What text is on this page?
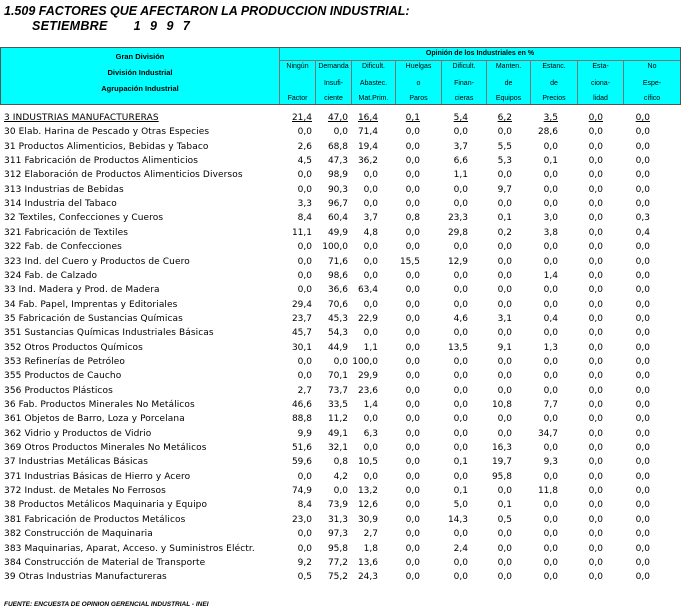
1.509 FACTORES QUE AFECTARON LA PRODUCCION INDUSTRIAL:
SETIEMBRE 1 9 9 7
Gran División
División Industrial
Agrupación Industrial
Opinión de los Industriales en %
Ningún
Factor
Demanda
Insufi-
ciente
Dificult.
Abastec.
Mat.Prim.
Huelgas
o
Paros
Dificult.
Finan-
cieras
Manten.
de
Equipos
Estanc.
de
Precios
Esta-
ciona-
lidad
No
Espe-
cífico
3 INDUSTRIAS MANUFACTURERAS	21,4	47,0	16,4	0,1	5,4	6,2	3,5	0,0	0,0
30 Elab. Harina de Pescado y Otras Especies	0,0	0,0	71,4	0,0	0,0	0,0	28,6	0,0	0,0
31 Productos Alimenticios, Bebidas y Tabaco	2,6	68,8	19,4	0,0	3,7	5,5	0,0	0,0	0,0
311 Fabricación de Productos Alimenticios	4,5	47,3	36,2	0,0	6,6	5,3	0,1	0,0	0,0
312 Elaboración de Productos Alimenticios Diversos	0,0	98,9	0,0	0,0	1,1	0,0	0,0	0,0	0,0
313 Industrias de Bebidas	0,0	90,3	0,0	0,0	0,0	9,7	0,0	0,0	0,0
314 Industria del Tabaco	3,3	96,7	0,0	0,0	0,0	0,0	0,0	0,0	0,0
32 Textiles, Confecciones y Cueros	8,4	60,4	3,7	0,8	23,3	0,1	3,0	0,0	0,3
321 Fabricación de Textiles	11,1	49,9	4,8	0,0	29,8	0,2	3,8	0,0	0,4
322 Fab. de Confecciones	0,0	100,0	0,0	0,0	0,0	0,0	0,0	0,0	0,0
323 Ind. del Cuero y Productos de Cuero	0,0	71,6	0,0	15,5	12,9	0,0	0,0	0,0	0,0
324 Fab. de Calzado	0,0	98,6	0,0	0,0	0,0	0,0	1,4	0,0	0,0
33 Ind. Madera y Prod. de Madera	0,0	36,6	63,4	0,0	0,0	0,0	0,0	0,0	0,0
34 Fab. Papel, Imprentas y Editoriales	29,4	70,6	0,0	0,0	0,0	0,0	0,0	0,0	0,0
35 Fabricación de Sustancias Químicas	23,7	45,3	22,9	0,0	4,6	3,1	0,4	0,0	0,0
351 Sustancias Químicas Industriales Básicas	45,7	54,3	0,0	0,0	0,0	0,0	0,0	0,0	0,0
352 Otros Productos Químicos	30,1	44,9	1,1	0,0	13,5	9,1	1,3	0,0	0,0
353 Refinerías de Petróleo	0,0	0,0 100,0	0,0	0,0	0,0	0,0	0,0	0,0
355 Productos de Caucho	0,0	70,1	29,9	0,0	0,0	0,0	0,0	0,0	0,0
356 Productos Plásticos	2,7	73,7	23,6	0,0	0,0	0,0	0,0	0,0	0,0
36 Fab. Productos Minerales No Metálicos	46,6	33,5	1,4	0,0	0,0	10,8	7,7	0,0	0,0
361 Objetos de Barro, Loza y Porcelana	88,8	11,2	0,0	0,0	0,0	0,0	0,0	0,0	0,0
362 Vidrio y Productos de Vidrio	9,9	49,1	6,3	0,0	0,0	0,0	34,7	0,0	0,0
369 Otros Productos Minerales No Metálicos	51,6	32,1	0,0	0,0	0,0	16,3	0,0	0,0	0,0
37 Industrias Metálicas Básicas	59,6	0,8	10,5	0,0	0,1	19,7	9,3	0,0	0,0
371 Industrias Básicas de Hierro y Acero	0,0	4,2	0,0	0,0	0,0	95,8	0,0	0,0	0,0
372 Indust. de Metales No Ferrosos	74,9	0,0	13,2	0,0	0,1	0,0	11,8	0,0	0,0
38 Productos Metálicos Maquinaria y Equipo	8,4	73,9	12,6	0,0	5,0	0,1	0,0	0,0	0,0
381 Fabricación de Productos Metálicos	23,0	31,3	30,9	0,0	14,3	0,5	0,0	0,0	0,0
382 Construcción de Maquinaria	0,0	97,3	2,7	0,0	0,0	0,0	0,0	0,0	0,0
383 Maquinarias, Aparat, Acceso. y Suministros Eléctr.	0,0	95,8	1,8	0,0	2,4	0,0	0,0	0,0	0,0
384 Construcción de Material de Transporte	9,2	77,2	13,6	0,0	0,0	0,0	0,0	0,0	0,0
39 Otras Industrias Manufactureras	0,5	75,2	24,3	0,0	0,0	0,0	0,0	0,0	0,0
FUENTE: ENCUESTA DE OPINION GERENCIAL INDUSTRIAL - INEI
